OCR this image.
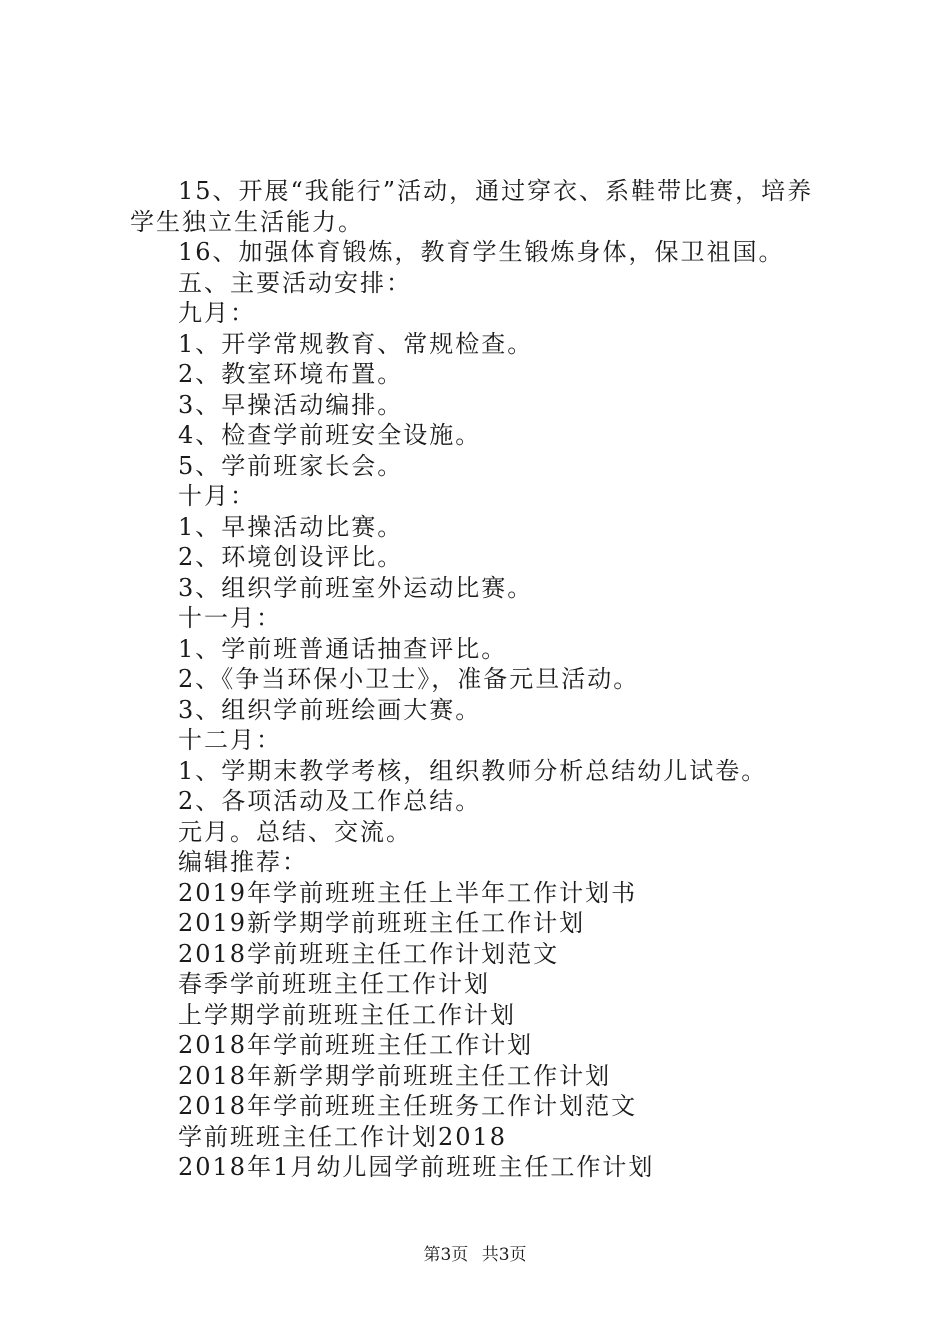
15、开展“我能行”活动，通过穿衣、系鞋带比赛，培养学生独立生活能力。

16、加强体育锻炼，教育学生锻炼身体，保卫祖国。

五、主要活动安排：

九月：

1、开学常规教育、常规检查。

2、教室环境布置。

3、早操活动编排。

4、检查学前班安全设施。

5、学前班家长会。

十月：

1、早操活动比赛。

2、环境创设评比。

3、组织学前班室外运动比赛。

十一月：

1、学前班普通话抽查评比。

2、《争当环保小卫士》，准备元旦活动。

3、组织学前班绘画大赛。

十二月：

1、学期末教学考核，组织教师分析总结幼儿试卷。

2、各项活动及工作总结。

元月。总结、交流。

编辑推荐：

2019年学前班班主任上半年工作计划书

2019新学期学前班班主任工作计划

2018学前班班主任工作计划范文

春季学前班班主任工作计划

上学期学前班班主任工作计划

2018年学前班班主任工作计划

2018年新学期学前班班主任工作计划

2018年学前班班主任班务工作计划范文

学前班班主任工作计划2018

2018年1月幼儿园学前班班主任工作计划

第3页 共3页
